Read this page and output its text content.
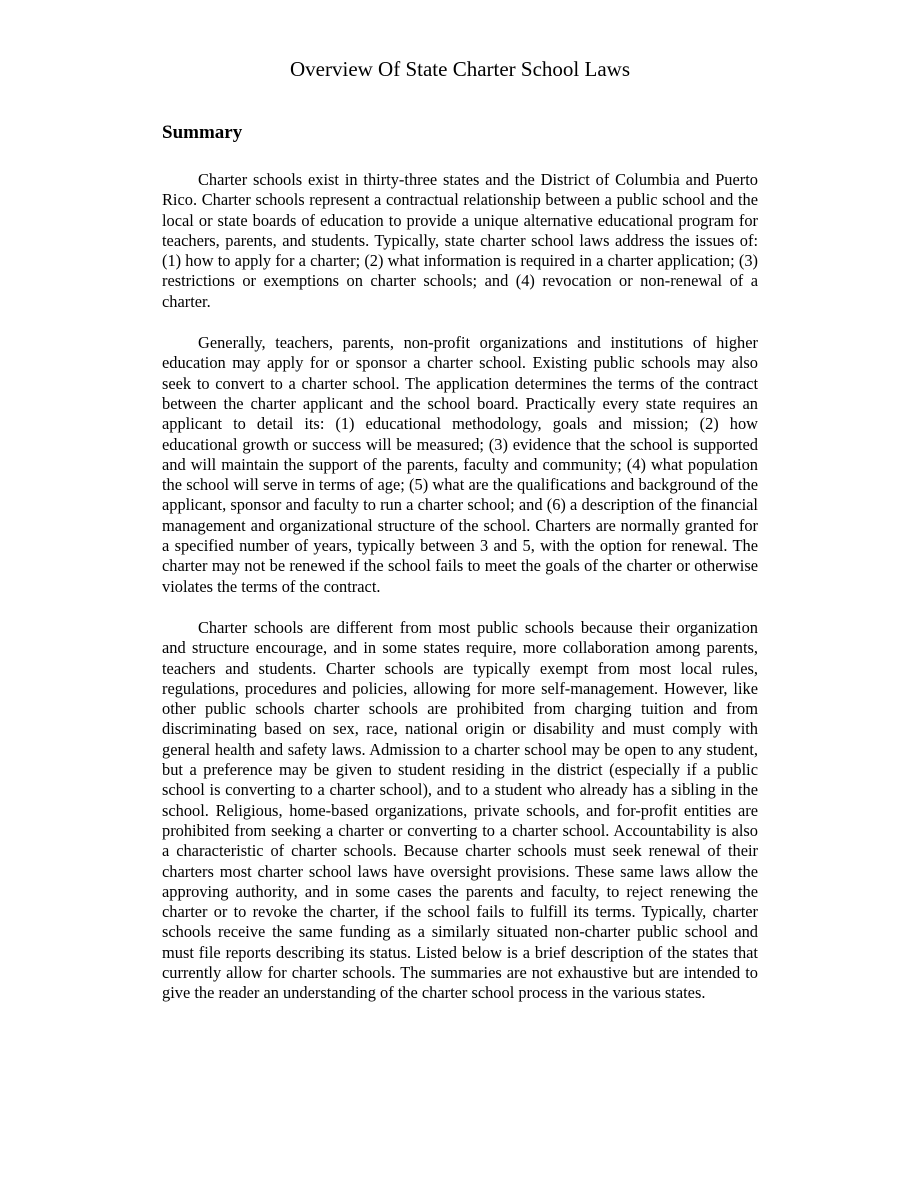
Overview Of State Charter School Laws
Summary

Charter schools exist in thirty-three states and the District of Columbia and Puerto Rico. Charter schools represent a contractual relationship between a public school and the local or state boards of education to provide a unique alternative educational program for teachers, parents, and students. Typically, state charter school laws address the issues of: (1) how to apply for a charter; (2) what information is required in a charter application; (3) restrictions or exemptions on charter schools; and (4) revocation or non-renewal of a charter.

Generally, teachers, parents, non-profit organizations and institutions of higher education may apply for or sponsor a charter school. Existing public schools may also seek to convert to a charter school. The application determines the terms of the contract between the charter applicant and the school board. Practically every state requires an applicant to detail its: (1) educational methodology, goals and mission; (2) how educational growth or success will be measured; (3) evidence that the school is supported and will maintain the support of the parents, faculty and community; (4) what population the school will serve in terms of age; (5) what are the qualifications and background of the applicant, sponsor and faculty to run a charter school; and (6) a description of the financial management and organizational structure of the school. Charters are normally granted for a specified number of years, typically between 3 and 5, with the option for renewal. The charter may not be renewed if the school fails to meet the goals of the charter or otherwise violates the terms of the contract.

Charter schools are different from most public schools because their organization and structure encourage, and in some states require, more collaboration among parents, teachers and students. Charter schools are typically exempt from most local rules, regulations, procedures and policies, allowing for more self-management. However, like other public schools charter schools are prohibited from charging tuition and from discriminating based on sex, race, national origin or disability and must comply with general health and safety laws. Admission to a charter school may be open to any student, but a preference may be given to student residing in the district (especially if a public school is converting to a charter school), and to a student who already has a sibling in the school. Religious, home-based organizations, private schools, and for-profit entities are prohibited from seeking a charter or converting to a charter school. Accountability is also a characteristic of charter schools. Because charter schools must seek renewal of their charters most charter school laws have oversight provisions. These same laws allow the approving authority, and in some cases the parents and faculty, to reject renewing the charter or to revoke the charter, if the school fails to fulfill its terms. Typically, charter schools receive the same funding as a similarly situated non-charter public school and must file reports describing its status. Listed below is a brief description of the states that currently allow for charter schools. The summaries are not exhaustive but are intended to give the reader an understanding of the charter school process in the various states.
